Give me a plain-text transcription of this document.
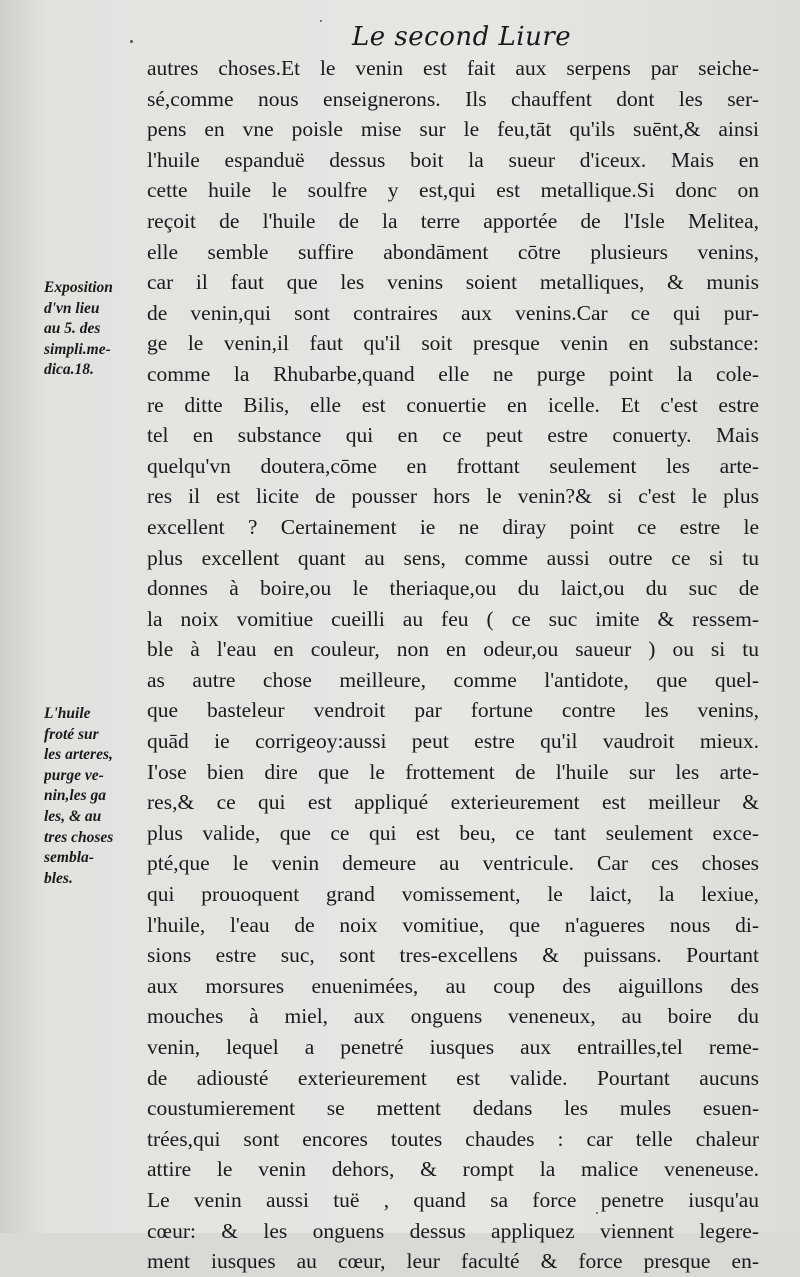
Le second Liure
Exposition
d'vn lieu
au 5. des
simpli.me-
dica.18.
L'huile
froté sur
les arteres,
purge ve-
nin,les ga
les, & au
tres choses
sembla-
bles.
autres choses.Et le venin est fait aux serpens par seiche-
sé,comme nous enseignerons. Ils chauffent dont les ser-
pens en vne poisle mise sur le feu,tāt qu'ils suēnt,& ainsi
l'huile espanduë dessus boit la sueur d'iceux. Mais en
cette huile le soulfre y est,qui est metallique.Si donc on
reçoit de l'huile de la terre apportée de l'Isle Melitea,
elle semble suffire abondāment cōtre plusieurs venins,
car il faut que les venins soient metalliques, & munis
de venin,qui sont contraires aux venins.Car ce qui pur-
ge le venin,il faut qu'il soit presque venin en substance:
comme la Rhubarbe,quand elle ne purge point la cole-
re ditte Bilis, elle est conuertie en icelle. Et c'est estre
tel en substance qui en ce peut estre conuerty. Mais
quelqu'vn doutera,cōme en frottant seulement les arte-
res il est licite de pousser hors le venin?& si c'est le plus
excellent ? Certainement ie ne diray point ce estre le
plus excellent quant au sens, comme aussi outre ce si tu
donnes à boire,ou le theriaque,ou du laict,ou du suc de
la noix vomitiue cueilli au feu ( ce suc imite & ressem-
ble à l'eau en couleur, non en odeur,ou saueur ) ou si tu
as autre chose meilleure, comme l'antidote, que quel-
que basteleur vendroit par fortune contre les venins,
quād ie corrigeoy:aussi peut estre qu'il vaudroit mieux.
I'ose bien dire que le frottement de l'huile sur les arte-
res,& ce qui est appliqué exterieurement est meilleur &
plus valide, que ce qui est beu, ce tant seulement exce-
pté,que le venin demeure au ventricule. Car ces choses
qui prouoquent grand vomissement, le laict, la lexiue,
l'huile, l'eau de noix vomitiue, que n'agueres nous di-
sions estre suc, sont tres-excellens & puissans. Pourtant
aux morsures enuenimées, au coup des aiguillons des
mouches à miel, aux onguens veneneux, au boire du
venin, lequel a penetré iusques aux entrailles,tel reme-
de adiousté exterieurement est valide. Pourtant aucuns
coustumierement se mettent dedans les mules esuen-
trées,qui sont encores toutes chaudes : car telle chaleur
attire le venin dehors, & rompt la malice veneneuse.
Le venin aussi tuë , quand sa force penetre iusqu'au
cœur: & les onguens dessus appliquez viennent legere-
ment iusques au cœur, leur faculté & force presque en-
